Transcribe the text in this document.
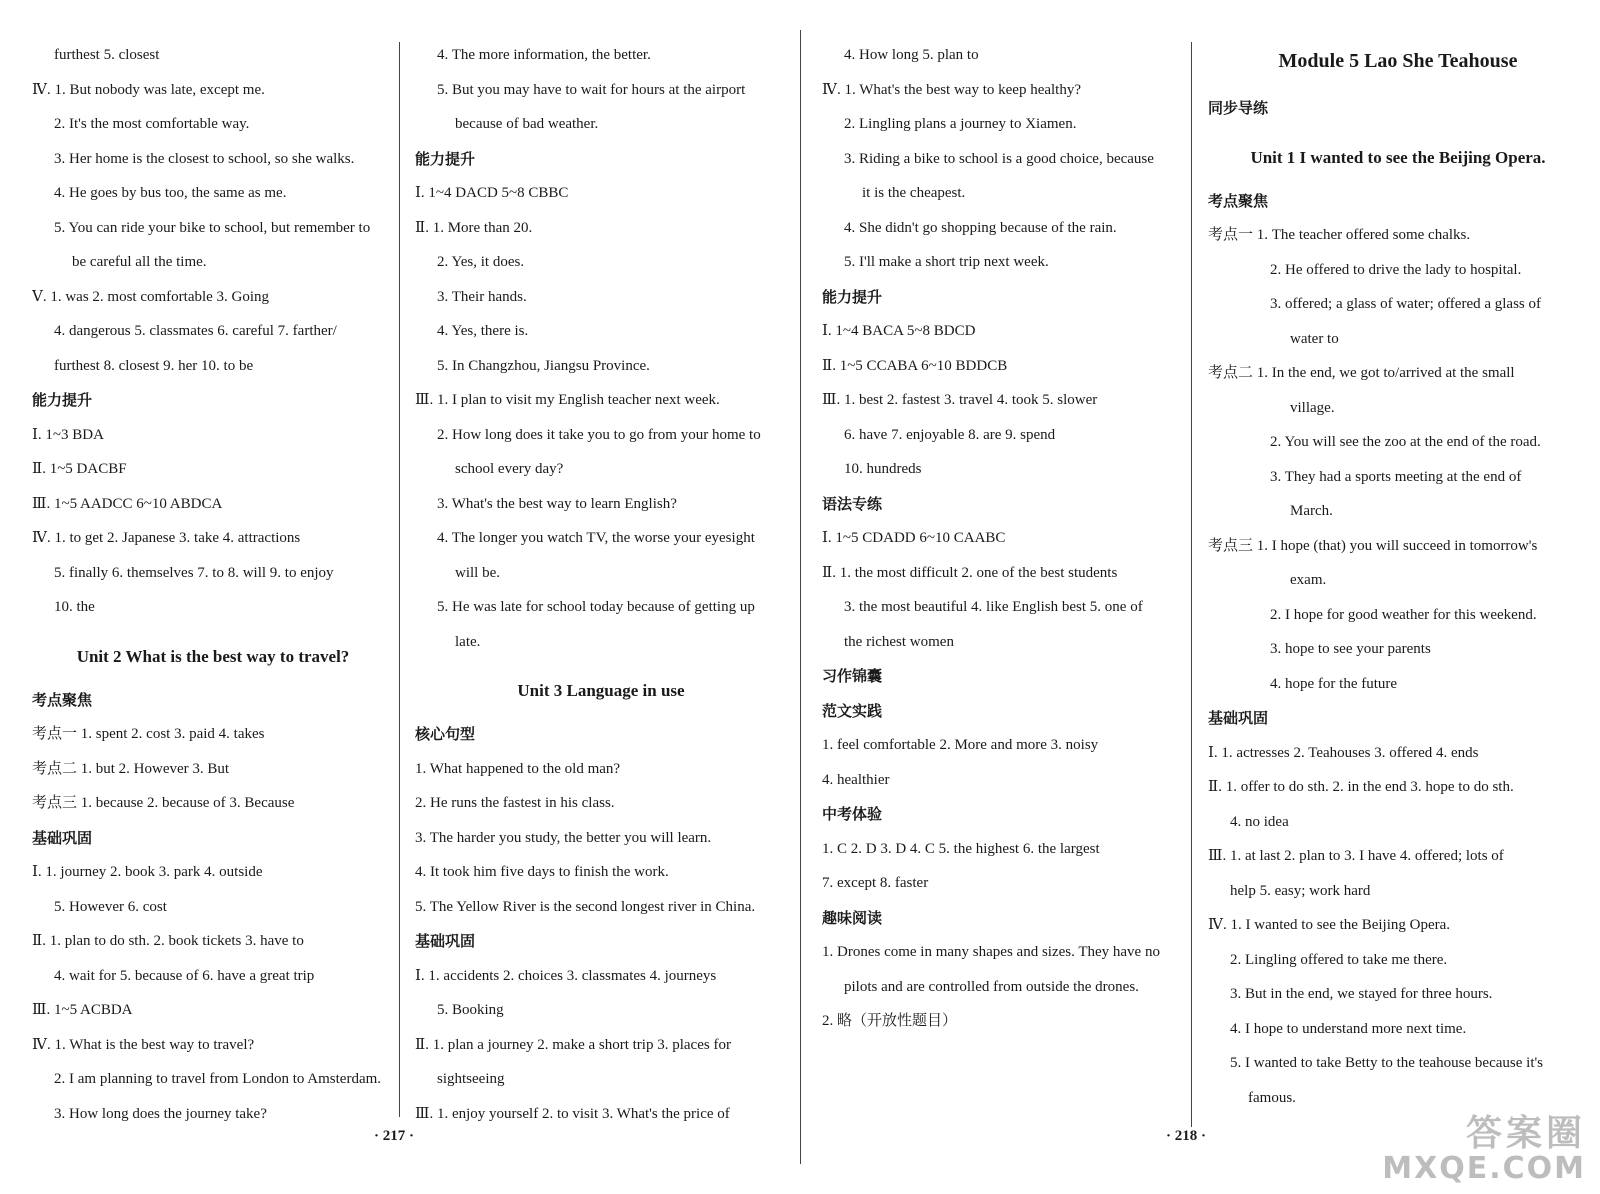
furthest 5. closest
Ⅳ. 1. But nobody was late, except me.
2. It's the most comfortable way.
3. Her home is the closest to school, so she walks.
4. He goes by bus too, the same as me.
5. You can ride your bike to school, but remember to
be careful all the time.
Ⅴ. 1. was 2. most comfortable 3. Going
4. dangerous 5. classmates 6. careful 7. farther/
furthest 8. closest 9. her 10. to be
能力提升
Ⅰ. 1~3 BDA
Ⅱ. 1~5 DACBF
Ⅲ. 1~5 AADCC 6~10 ABDCA
Ⅳ. 1. to get 2. Japanese 3. take 4. attractions
5. finally 6. themselves 7. to 8. will 9. to enjoy
10. the
Unit 2 What is the best way to travel?
考点聚焦
考点一 1. spent 2. cost 3. paid 4. takes
考点二 1. but 2. However 3. But
考点三 1. because 2. because of 3. Because
基础巩固
Ⅰ. 1. journey 2. book 3. park 4. outside
5. However 6. cost
Ⅱ. 1. plan to do sth. 2. book tickets 3. have to
4. wait for 5. because of 6. have a great trip
Ⅲ. 1~5 ACBDA
Ⅳ. 1. What is the best way to travel?
2. I am planning to travel from London to Amsterdam.
3. How long does the journey take?
4. The more information, the better.
5. But you may have to wait for hours at the airport
because of bad weather.
能力提升
Ⅰ. 1~4 DACD 5~8 CBBC
Ⅱ. 1. More than 20.
2. Yes, it does.
3. Their hands.
4. Yes, there is.
5. In Changzhou, Jiangsu Province.
Ⅲ. 1. I plan to visit my English teacher next week.
2. How long does it take you to go from your home to
school every day?
3. What's the best way to learn English?
4. The longer you watch TV, the worse your eyesight
will be.
5. He was late for school today because of getting up
late.
Unit 3 Language in use
核心句型
1. What happened to the old man?
2. He runs the fastest in his class.
3. The harder you study, the better you will learn.
4. It took him five days to finish the work.
5. The Yellow River is the second longest river in China.
基础巩固
Ⅰ. 1. accidents 2. choices 3. classmates 4. journeys
5. Booking
Ⅱ. 1. plan a journey 2. make a short trip 3. places for
sightseeing
Ⅲ. 1. enjoy yourself 2. to visit 3. What's the price of
4. How long 5. plan to
Ⅳ. 1. What's the best way to keep healthy?
2. Lingling plans a journey to Xiamen.
3. Riding a bike to school is a good choice, because
it is the cheapest.
4. She didn't go shopping because of the rain.
5. I'll make a short trip next week.
能力提升
Ⅰ. 1~4 BACA 5~8 BDCD
Ⅱ. 1~5 CCABA 6~10 BDDCB
Ⅲ. 1. best 2. fastest 3. travel 4. took 5. slower
6. have 7. enjoyable 8. are 9. spend
10. hundreds
语法专练
Ⅰ. 1~5 CDADD 6~10 CAABC
Ⅱ. 1. the most difficult 2. one of the best students
3. the most beautiful 4. like English best 5. one of
the richest women
习作锦囊
范文实践
1. feel comfortable 2. More and more 3. noisy
4. healthier
中考体验
1. C 2. D 3. D 4. C 5. the highest 6. the largest
7. except 8. faster
趣味阅读
1. Drones come in many shapes and sizes. They have no
pilots and are controlled from outside the drones.
2. 略（开放性题目）
Module 5 Lao She Teahouse
同步导练
Unit 1 I wanted to see the Beijing Opera.
考点聚焦
考点一 1. The teacher offered some chalks.
2. He offered to drive the lady to hospital.
3. offered; a glass of water; offered a glass of
water to
考点二 1. In the end, we got to/arrived at the small
village.
2. You will see the zoo at the end of the road.
3. They had a sports meeting at the end of
March.
考点三 1. I hope (that) you will succeed in tomorrow's
exam.
2. I hope for good weather for this weekend.
3. hope to see your parents
4. hope for the future
基础巩固
Ⅰ. 1. actresses 2. Teahouses 3. offered 4. ends
Ⅱ. 1. offer to do sth. 2. in the end 3. hope to do sth.
4. no idea
Ⅲ. 1. at last 2. plan to 3. I have 4. offered; lots of
help 5. easy; work hard
Ⅳ. 1. I wanted to see the Beijing Opera.
2. Lingling offered to take me there.
3. But in the end, we stayed for three hours.
4. I hope to understand more next time.
5. I wanted to take Betty to the teahouse because it's
famous.
· 217 ·	· 218 ·	答案圈
MXQE.COM
